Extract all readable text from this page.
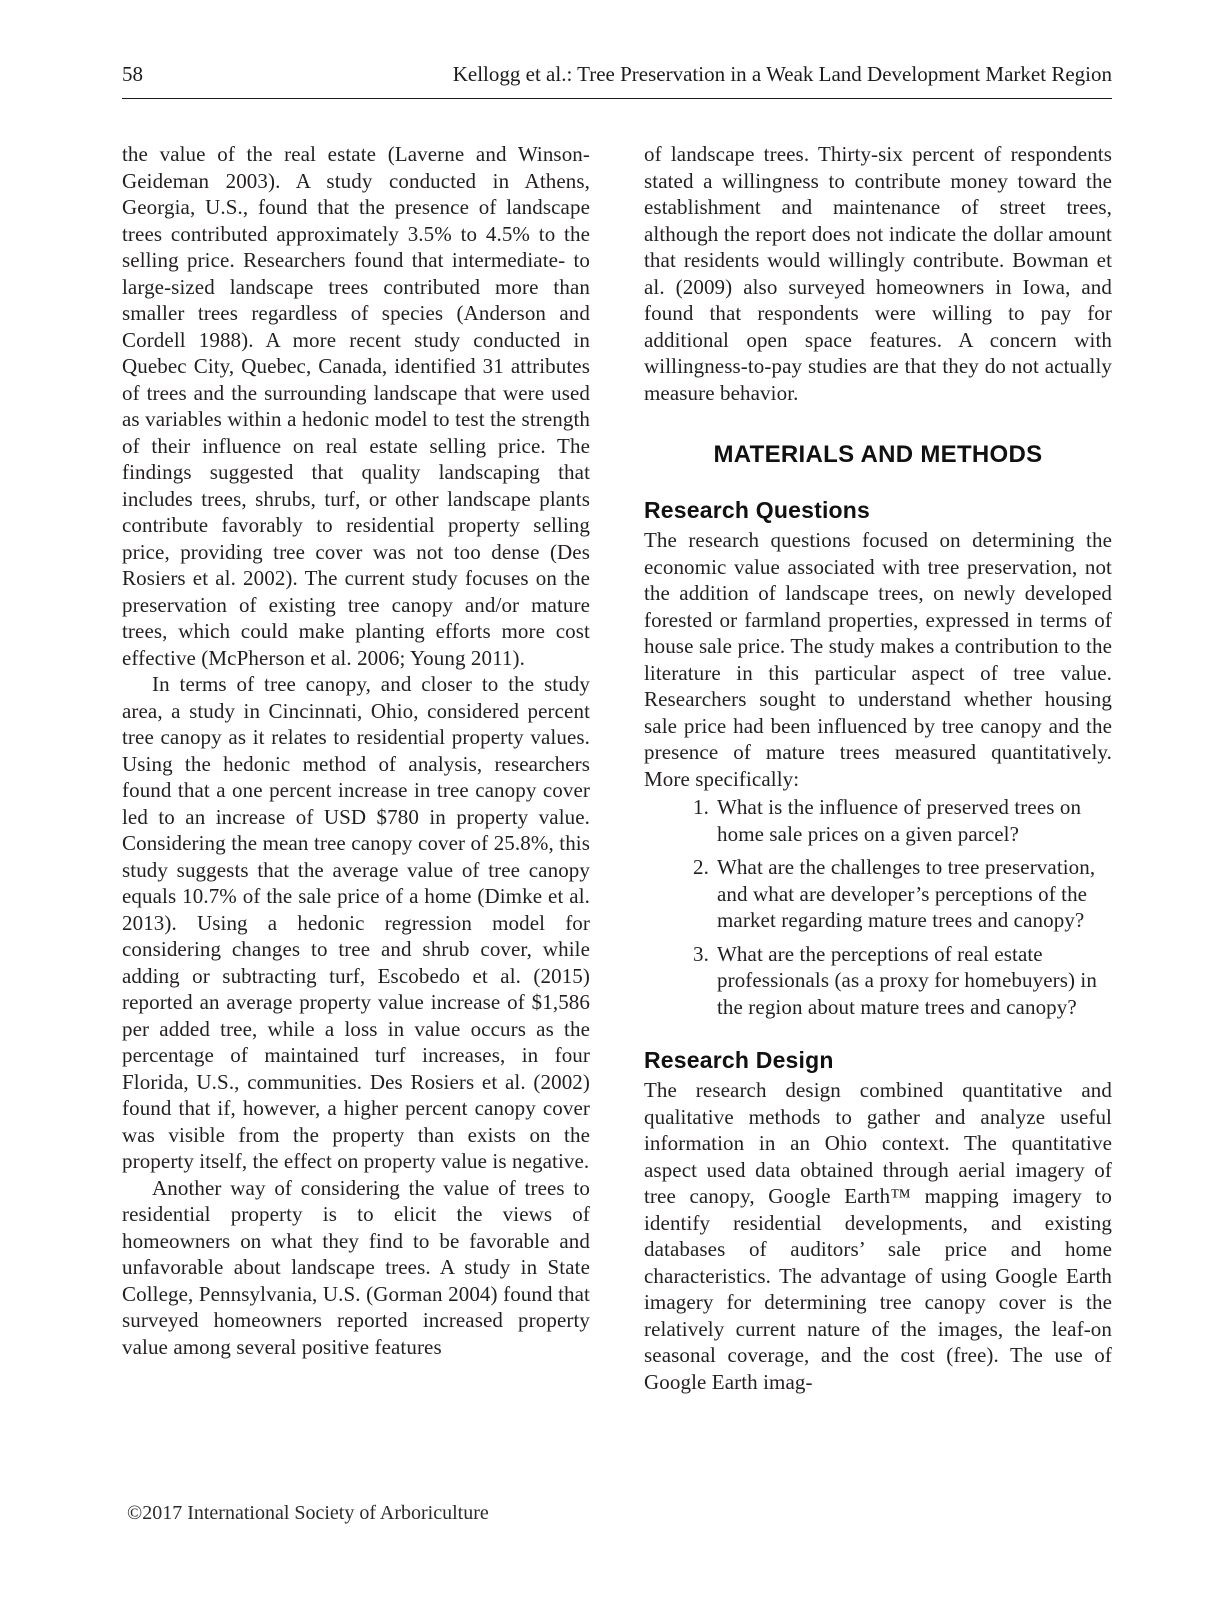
58	Kellogg et al.: Tree Preservation in a Weak Land Development Market Region

the value of the real estate (Laverne and Winson-Geideman 2003). A study conducted in Athens, Georgia, U.S., found that the presence of landscape trees contributed approximately 3.5% to 4.5% to the selling price. Researchers found that intermediate- to large-sized landscape trees contributed more than smaller trees regardless of species (Anderson and Cordell 1988). A more recent study conducted in Quebec City, Quebec, Canada, identified 31 attributes of trees and the surrounding landscape that were used as variables within a hedonic model to test the strength of their influence on real estate selling price. The findings suggested that quality landscaping that includes trees, shrubs, turf, or other landscape plants contribute favorably to residential property selling price, providing tree cover was not too dense (Des Rosiers et al. 2002). The current study focuses on the preservation of existing tree canopy and/or mature trees, which could make planting efforts more cost effective (McPherson et al. 2006; Young 2011).

In terms of tree canopy, and closer to the study area, a study in Cincinnati, Ohio, considered percent tree canopy as it relates to residential property values. Using the hedonic method of analysis, researchers found that a one percent increase in tree canopy cover led to an increase of USD $780 in property value. Considering the mean tree canopy cover of 25.8%, this study suggests that the average value of tree canopy equals 10.7% of the sale price of a home (Dimke et al. 2013). Using a hedonic regression model for considering changes to tree and shrub cover, while adding or subtracting turf, Escobedo et al. (2015) reported an average property value increase of $1,586 per added tree, while a loss in value occurs as the percentage of maintained turf increases, in four Florida, U.S., communities. Des Rosiers et al. (2002) found that if, however, a higher percent canopy cover was visible from the property than exists on the property itself, the effect on property value is negative.

Another way of considering the value of trees to residential property is to elicit the views of homeowners on what they find to be favorable and unfavorable about landscape trees. A study in State College, Pennsylvania, U.S. (Gorman 2004) found that surveyed homeowners reported increased property value among several positive features

of landscape trees. Thirty-six percent of respondents stated a willingness to contribute money toward the establishment and maintenance of street trees, although the report does not indicate the dollar amount that residents would willingly contribute. Bowman et al. (2009) also surveyed homeowners in Iowa, and found that respondents were willing to pay for additional open space features. A concern with willingness-to-pay studies are that they do not actually measure behavior.

MATERIALS AND METHODS
Research Questions

The research questions focused on determining the economic value associated with tree preservation, not the addition of landscape trees, on newly developed forested or farmland properties, expressed in terms of house sale price. The study makes a contribution to the literature in this particular aspect of tree value. Researchers sought to understand whether housing sale price had been influenced by tree canopy and the presence of mature trees measured quantitatively. More specifically:

1. What is the influence of preserved trees on home sale prices on a given parcel?
2. What are the challenges to tree preservation, and what are developer’s perceptions of the market regarding mature trees and canopy?
3. What are the perceptions of real estate professionals (as a proxy for homebuyers) in the region about mature trees and canopy?
Research Design

The research design combined quantitative and qualitative methods to gather and analyze useful information in an Ohio context. The quantitative aspect used data obtained through aerial imagery of tree canopy, Google Earth™ mapping imagery to identify residential developments, and existing databases of auditors’ sale price and home characteristics. The advantage of using Google Earth imagery for determining tree canopy cover is the relatively current nature of the images, the leaf-on seasonal coverage, and the cost (free). The use of Google Earth imag-

©2017 International Society of Arboriculture
